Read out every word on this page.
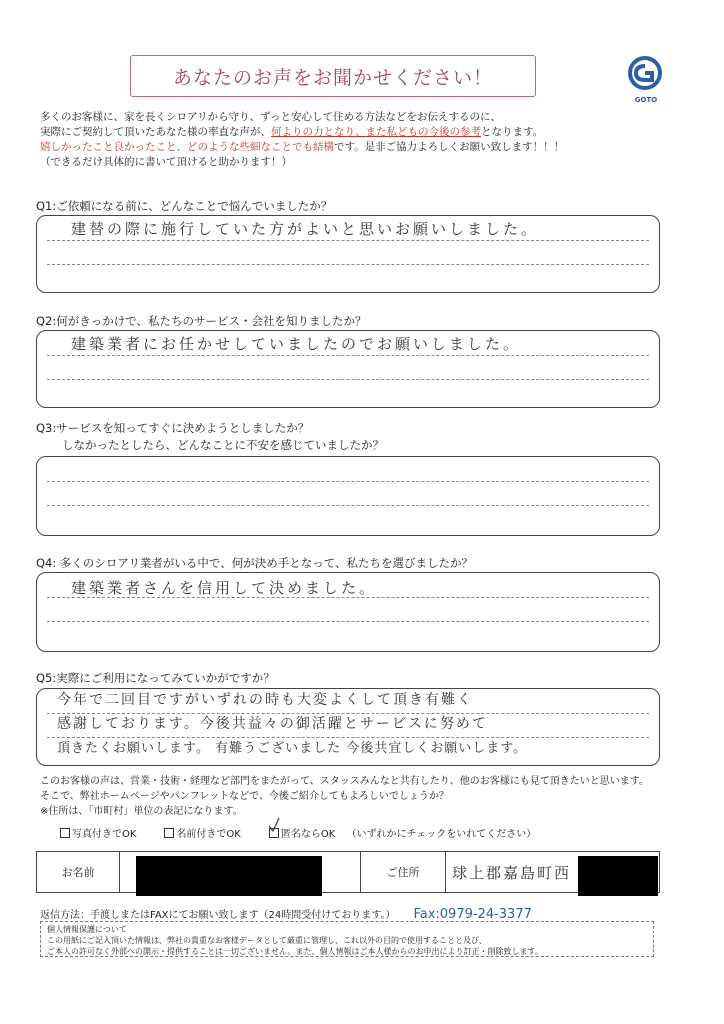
あなたのお声をお聞かせください！
GOTO
多くのお客様に、家を長くシロアリから守り、ずっと安心して住める方法などをお伝えするのに、
実際にご契約して頂いたあなた様の率直な声が、何よりの力となり、また私どもの今後の参考となります。
嬉しかったこと良かったこと、どのような些細なことでも結構です。是非ご協力よろしくお願い致します！！！
（できるだけ具体的に書いて頂けると助かります！）
Q1:ご依頼になる前に、どんなことで悩んでいましたか？
建替の際に施行していた方がよいと思いお願いしました。
Q2:何がきっかけで、私たちのサービス・会社を知りましたか？
建築業者にお任かせしていましたのでお願いしました。
Q3:サービスを知ってすぐに決めようとしましたか？
しなかったとしたら、どんなことに不安を感じていましたか？
Q4: 多くのシロアリ業者がいる中で、何が決め手となって、私たちを選びましたか？
建築業者さんを信用して決めました。
Q5:実際にご利用になってみていかがですか？
今年で二回目ですがいずれの時も大変よくして頂き有難く
感謝しております。今後共益々の御活躍とサービスに努めて
頂きたくお願いします。 有難うございました 今後共宜しくお願いします。
このお客様の声は、営業・技術・経理など部門をまたがって、スタッスみんなと共有したり、他のお客様にも見て頂きたいと思います。
そこで、弊社ホームページやパンフレットなどで、今後ご紹介してもよろしいでしょうか？
※住所は、「市町村」単位の表記になります。
写真付きでOK	名前付きでOK	匿名ならOK （いずれかにチェックをいれてください）
お名前	ご住所	球上郡嘉島町西
返信方法：手渡しまたはFAXにてお願い致します（24時間受付けております。） Fax:0979-24-3377
個人情報保護について
この用紙にご記入頂いた情報は、弊社の貴重なお客様データとして厳重に管理し、これ以外の目的で使用することと及び、
ご本人の許可なく外部への開示・提供することは一切ございません。また、個人情報はご本人様からのお申出により訂正・削除致します。
